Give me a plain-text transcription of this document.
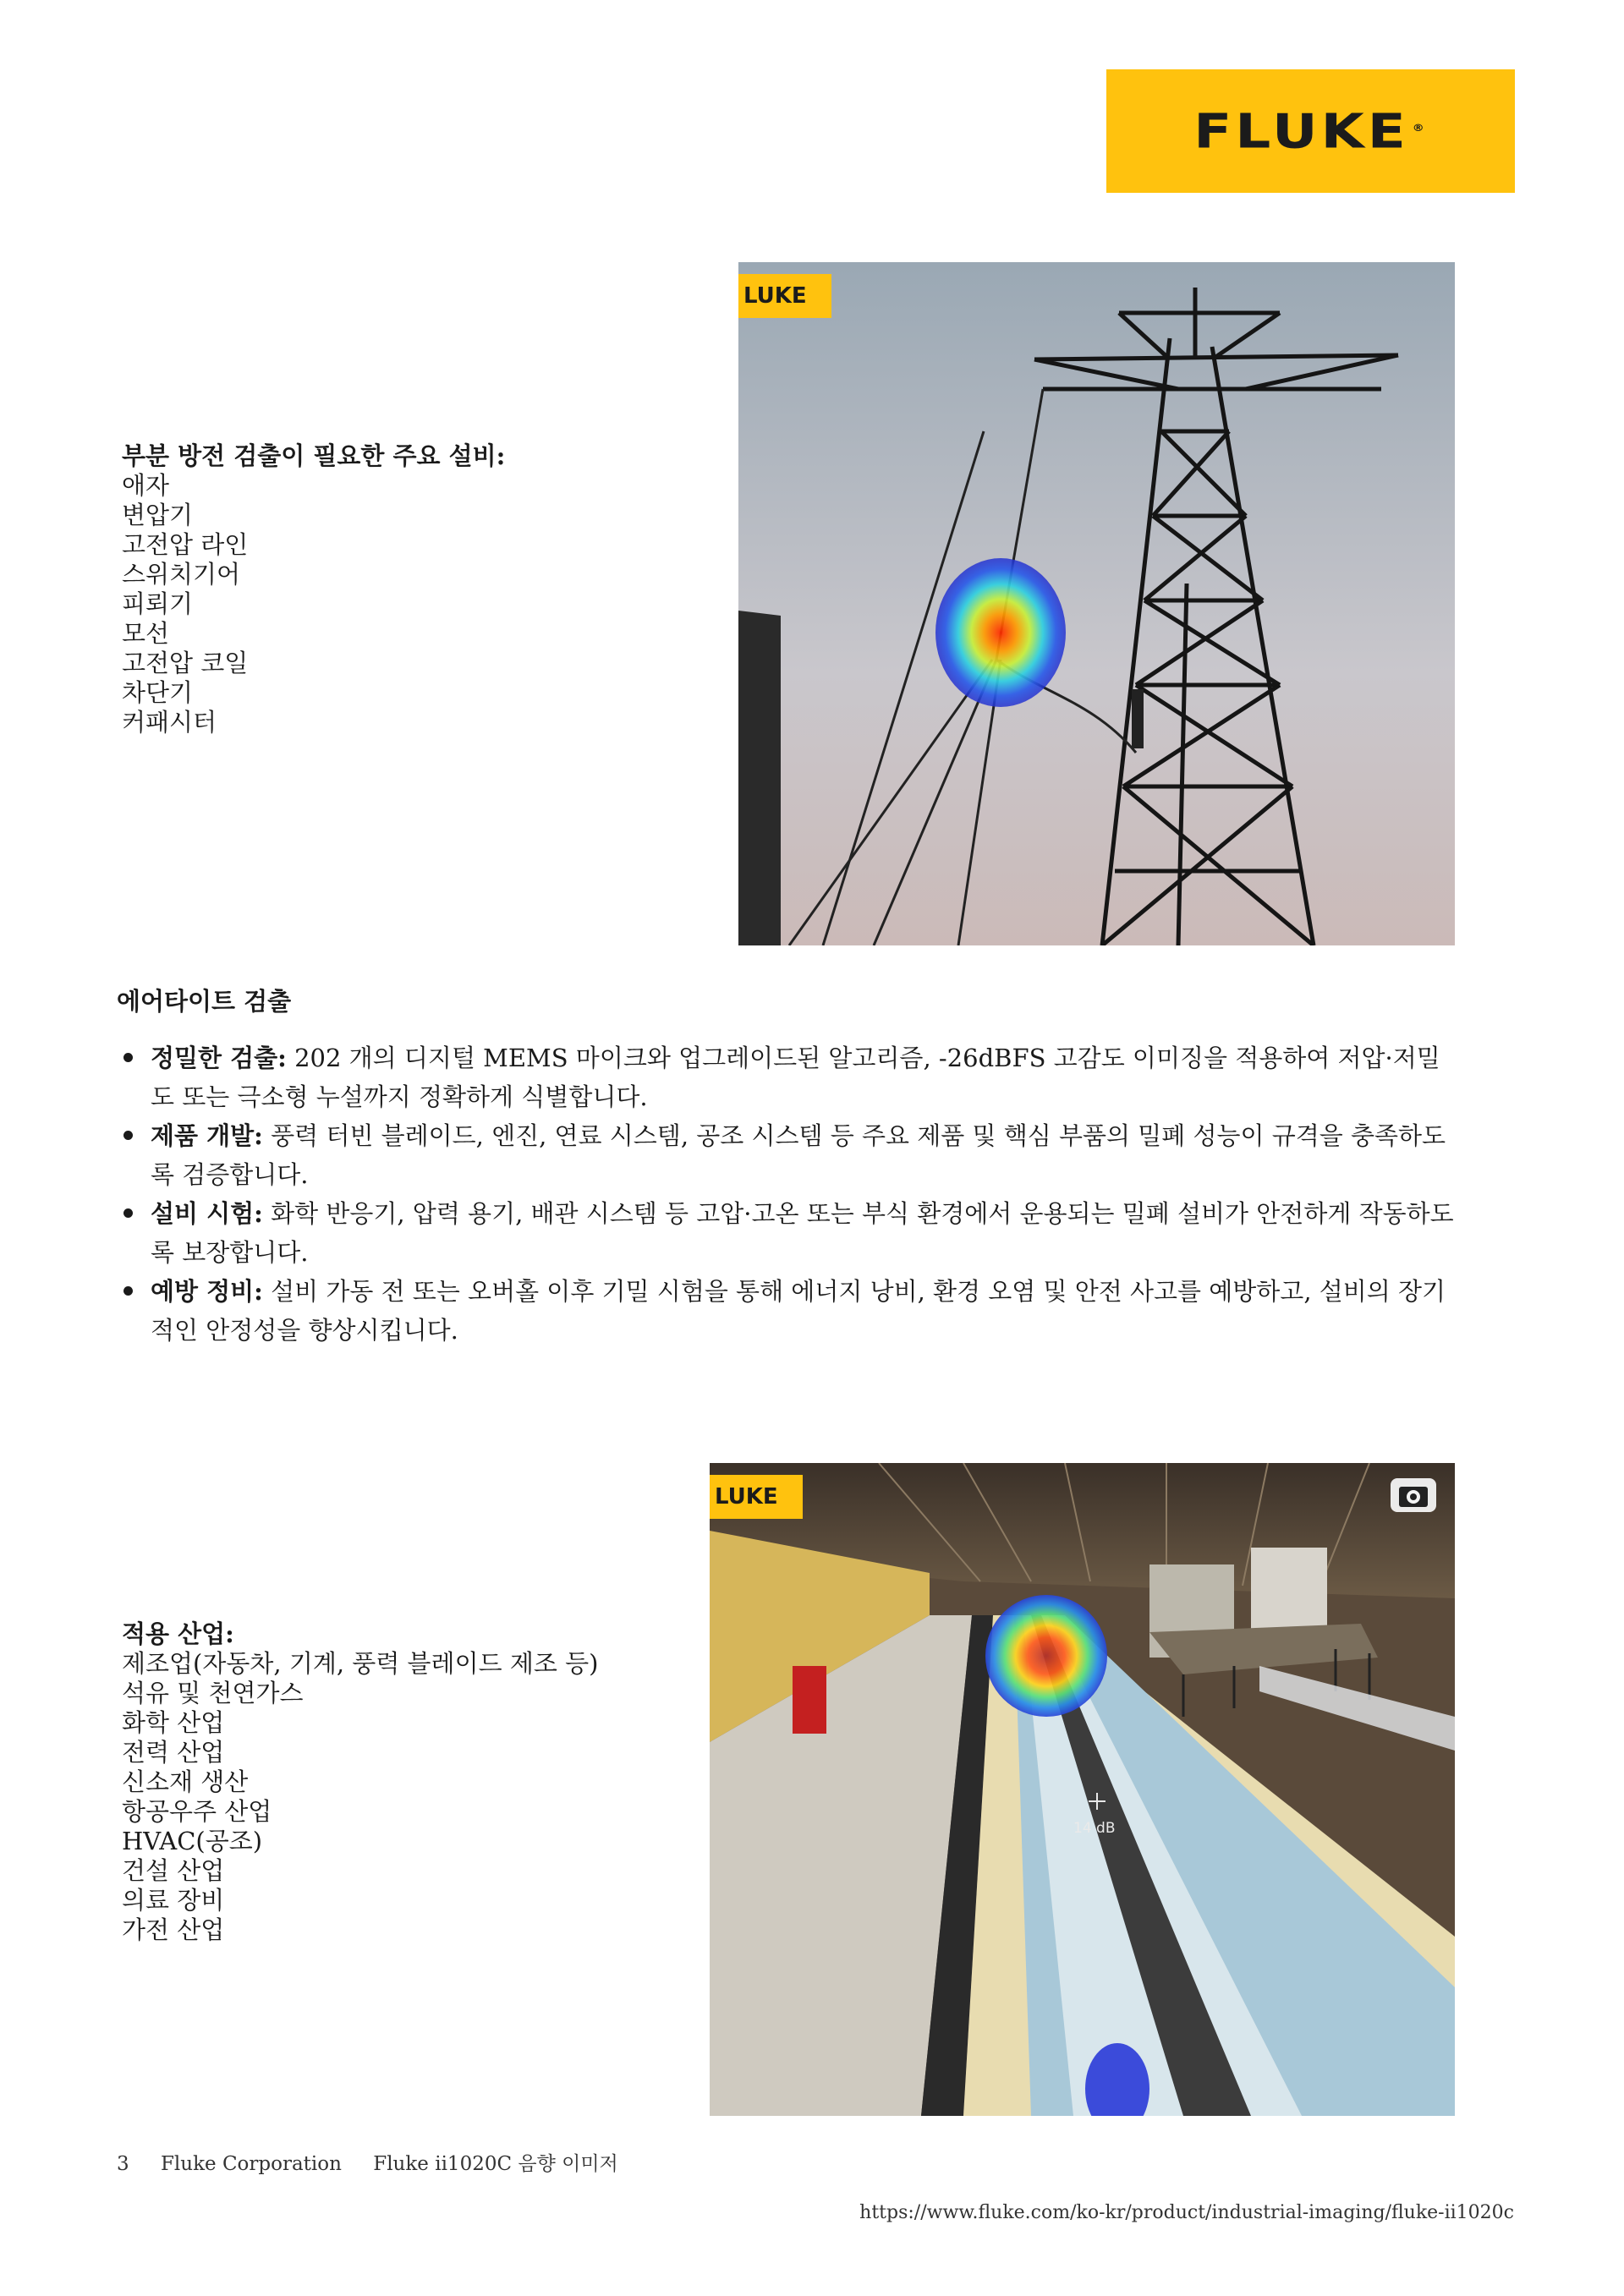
FLUKE ®
부분 방전 검출이 필요한 주요 설비:
애자
변압기
고전압 라인
스위치기어
피뢰기
모선
고전압 코일
차단기
커패시터
LUKE
에어타이트 검출
정밀한 검출: 202 개의 디지털 MEMS 마이크와 업그레이드된 알고리즘, -26dBFS 고감도 이미징을 적용하여 저압·저밀도 또는 극소형 누설까지 정확하게 식별합니다.
제품 개발: 풍력 터빈 블레이드, 엔진, 연료 시스템, 공조 시스템 등 주요 제품 및 핵심 부품의 밀폐 성능이 규격을 충족하도록 검증합니다.
설비 시험: 화학 반응기, 압력 용기, 배관 시스템 등 고압·고온 또는 부식 환경에서 운용되는 밀폐 설비가 안전하게 작동하도록 보장합니다.
예방 정비: 설비 가동 전 또는 오버홀 이후 기밀 시험을 통해 에너지 낭비, 환경 오염 및 안전 사고를 예방하고, 설비의 장기적인 안정성을 향상시킵니다.
적용 산업:
제조업(자동차, 기계, 풍력 블레이드 제조 등)
석유 및 천연가스
화학 산업
전력 산업
신소재 생산
항공우주 산업
HVAC(공조)
건설 산업
의료 장비
가전 산업
LUKE
14 dB
3 Fluke Corporation Fluke ii1020C 음향 이미저
https://www.fluke.com/ko-kr/product/industrial-imaging/fluke-ii1020c
